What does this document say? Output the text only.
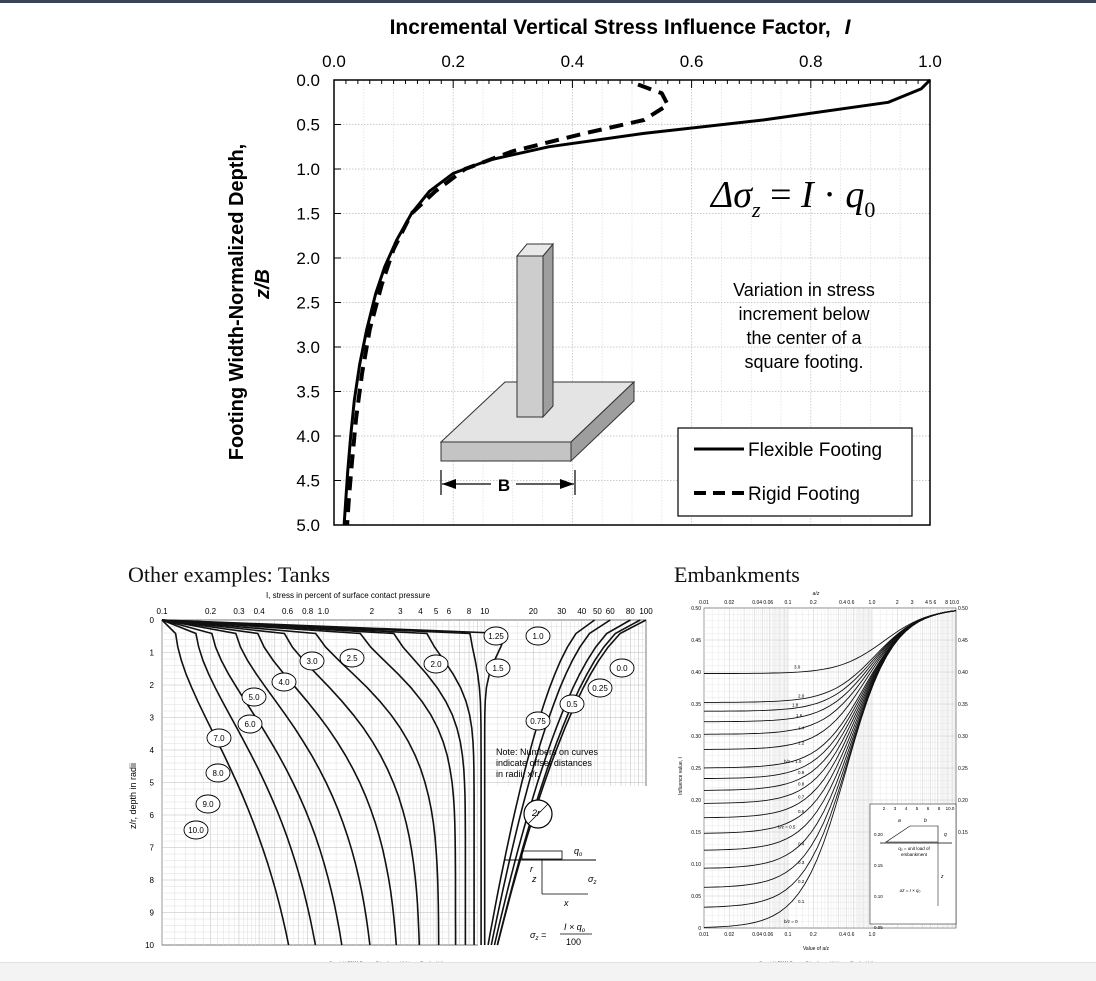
Incremental Vertical Stress Influence Factor, I
0.0	0.2	0.4	0.6	0.8	1.0
0.0
0.5
1.0
1.5
2.0
2.5
3.0
3.5
4.0
4.5
5.0
Footing Width-Normalized Depth, z/B
B
$\Delta\sigma_z = I \cdot q_0$
Variation in stress
increment below
the center of a
square footing.
Flexible Footing
Rigid Footing
Other examples: Tanks	Embankments
I, stress in percent of surface contact pressure
0.1	0.2 0.3 0.4 0.6 0.8 1.0	2	3 4 5 6 8 10	20 30 40 50 60 80 100
0
1
2
3
4
5
6
7
8
9
10
z/r, depth in radii
1.25	1.0
3.0	2.5
2.0	1.5	0.0
4.0
0.25
5.0
0.5
6.0	0.75
7.0
8.0
9.0
10.0
Note: Numbers on curves
indicate offset distances
in radii, x/r.
2r
$q_o$
z
r
x
$\sigma_z$
$\sigma_z$ =
$I \times q_o$
100
a/z
0.01
0.01
0.02
0.02
0.04 0.06
0.04 0.06
0.1
0.1
0.2
0.2
0.4 0.6
0.4 0.6
1.0
1.0
2 3 4 5 6 8 10.0
2 3 4 5 6 8 10.0
0.20
0.15
0.10
0.05
a	b
q
z
q₀ = unit load of
embankment
σz = I × q₀
0.50	0.50
0.45	0.45
0.40	0.40
0.35	0.35
0.30	0.30
0.25	0.25
0.20	0.20
0.15	0.15
0.10
0.05
0
Influence value, I
3.0
2.0
1.8
1.6
1.4
1.2
b/z = 1.0
0.9
0.8
0.7
0.6
b/z = 0.5
0.4
0.3
0.2
0.1
b/z = 0
Value of a/z
